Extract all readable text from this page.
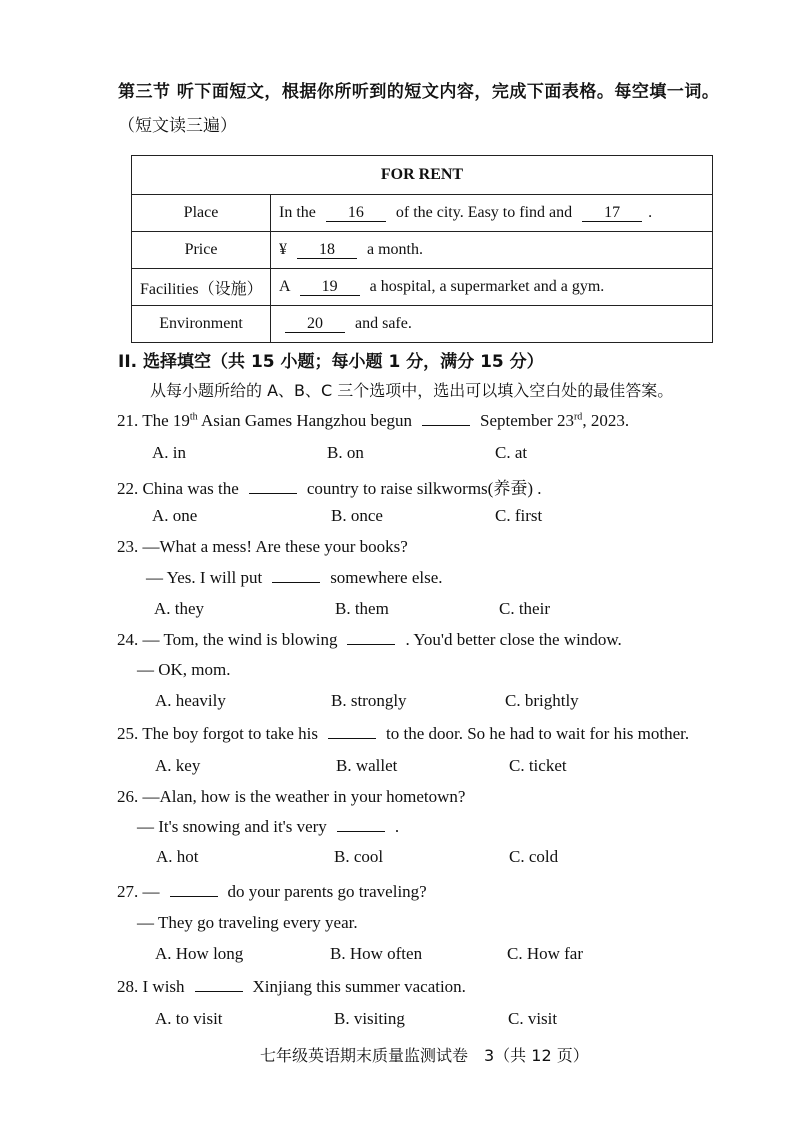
第三节 听下面短文，根据你所听到的短文内容，完成下面表格。每空填一词。
（短文读三遍）
FOR RENT	
Place	In the 16 of the city. Easy to find and 17 .
Price	¥ 18 a month.
Facilities（设施）	A 19 a hospital, a supermarket and a gym.
Environment	20 and safe.
II. 选择填空（共 15 小题；每小题 1 分，满分 15 分）
从每小题所给的 A、B、C 三个选项中，选出可以填入空白处的最佳答案。
21. The 19th Asian Games Hangzhou begun	September 23rd, 2023.
A. in	B. on	C. at
22. China was the	country to raise silkworms(养蚕) .
A. one	B. once	C. first
23. —What a mess! Are these your books?
— Yes. I will put	somewhere else.
A. they	B. them	C. their
24. — Tom, the wind is blowing	. You'd better close the window.
— OK, mom.
A. heavily	B. strongly	C. brightly
25. The boy forgot to take his	to the door. So he had to wait for his mother.
A. key	B. wallet	C. ticket
26. —Alan, how is the weather in your hometown?
— It's snowing and it's very	.
A. hot	B. cool	C. cold
27. —	do your parents go traveling?
— They go traveling every year.
A. How long	B. How often	C. How far
28. I wish	Xinjiang this summer vacation.
A. to visit	B. visiting	C. visit
七年级英语期末质量监测试卷　3（共 12 页）
